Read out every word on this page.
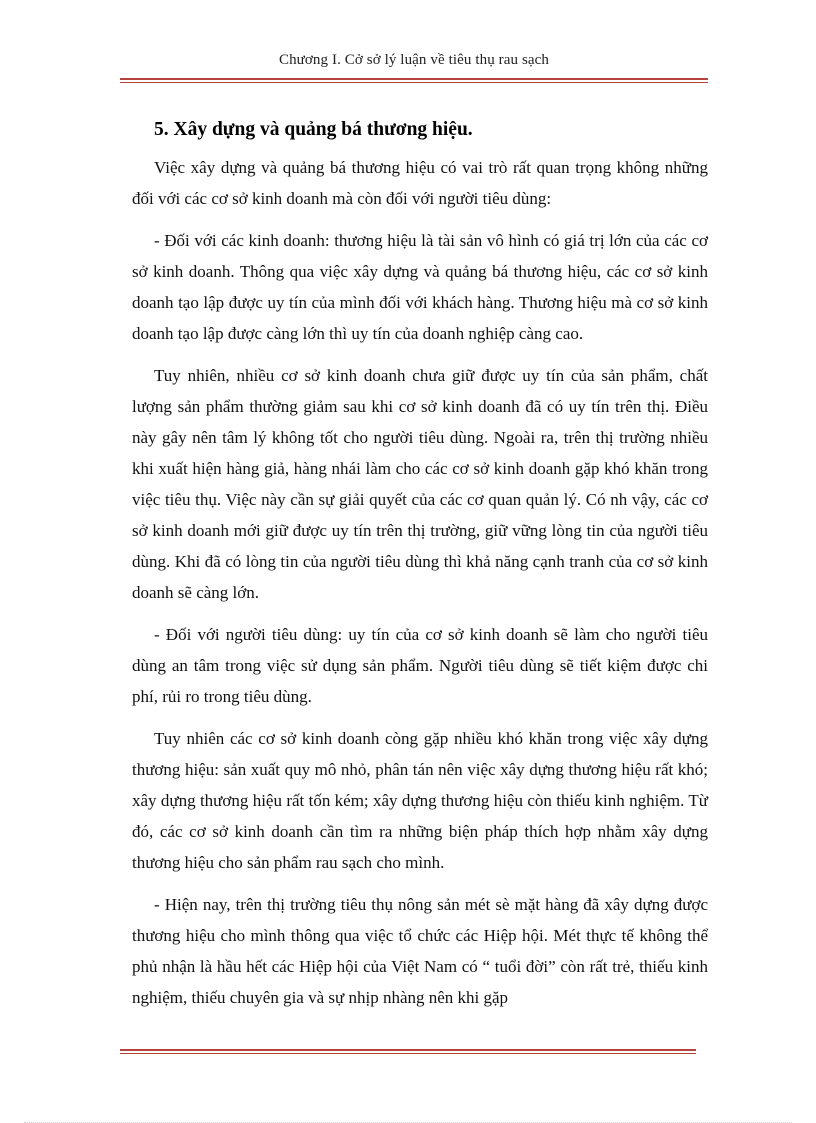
Chương I. Cở sở lý luận về tiêu thụ rau sạch
5. Xây dựng và quảng bá thương hiệu.

Việc xây dựng và quảng bá thương hiệu có vai trò rất quan trọng không những đối với các cơ sở kinh doanh mà còn đối với người tiêu dùng:

- Đối với các kinh doanh: thương hiệu là tài sản vô hình có giá trị lớn của các cơ sở kinh doanh. Thông qua việc xây dựng và quảng bá thương hiệu, các cơ sở kinh doanh tạo lập được uy tín của mình đối với khách hàng. Thương hiệu mà cơ sở kinh doanh tạo lập được càng lớn thì uy tín của doanh nghiệp càng cao.

Tuy nhiên, nhiều cơ sở kinh doanh chưa giữ được uy tín của sản phẩm, chất lượng sản phẩm thường giảm sau khi cơ sở kinh doanh đã có uy tín trên thị. Điều này gây nên tâm lý không tốt cho người tiêu dùng. Ngoài ra, trên thị trường nhiều khi xuất hiện hàng giả, hàng nhái làm cho các cơ sở kinh doanh gặp khó khăn trong việc tiêu thụ. Việc này cần sự giải quyết của các cơ quan quản lý. Có nh vậy, các cơ sở kinh doanh mới giữ được uy tín trên thị trường, giữ vững lòng tin của người tiêu dùng. Khi đã có lòng tin của người tiêu dùng thì khả năng cạnh tranh của cơ sở kinh doanh sẽ càng lớn.

- Đối với người tiêu dùng: uy tín của cơ sở kinh doanh sẽ làm cho người tiêu dùng an tâm trong việc sử dụng sản phẩm. Người tiêu dùng sẽ tiết kiệm được chi phí, rủi ro trong tiêu dùng.

Tuy nhiên các cơ sở kinh doanh còng gặp nhiều khó khăn trong việc xây dựng thương hiệu: sản xuất quy mô nhỏ, phân tán nên việc xây dựng thương hiệu rất khó; xây dựng thương hiệu rất tốn kém; xây dựng thương hiệu còn thiếu kinh nghiệm. Từ đó, các cơ sở kinh doanh cần tìm ra những biện pháp thích hợp nhằm xây dựng thương hiệu cho sản phẩm rau sạch cho mình.

- Hiện nay, trên thị trường tiêu thụ nông sản mét sè mặt hàng đã xây dựng được thương hiệu cho mình thông qua việc tổ chức các Hiệp hội. Mét thực tế không thể phủ nhận là hầu hết các Hiệp hội của Việt Nam có “ tuổi đời” còn rất trẻ, thiếu kinh nghiệm, thiếu chuyên gia và sự nhịp nhàng nên khi gặp
